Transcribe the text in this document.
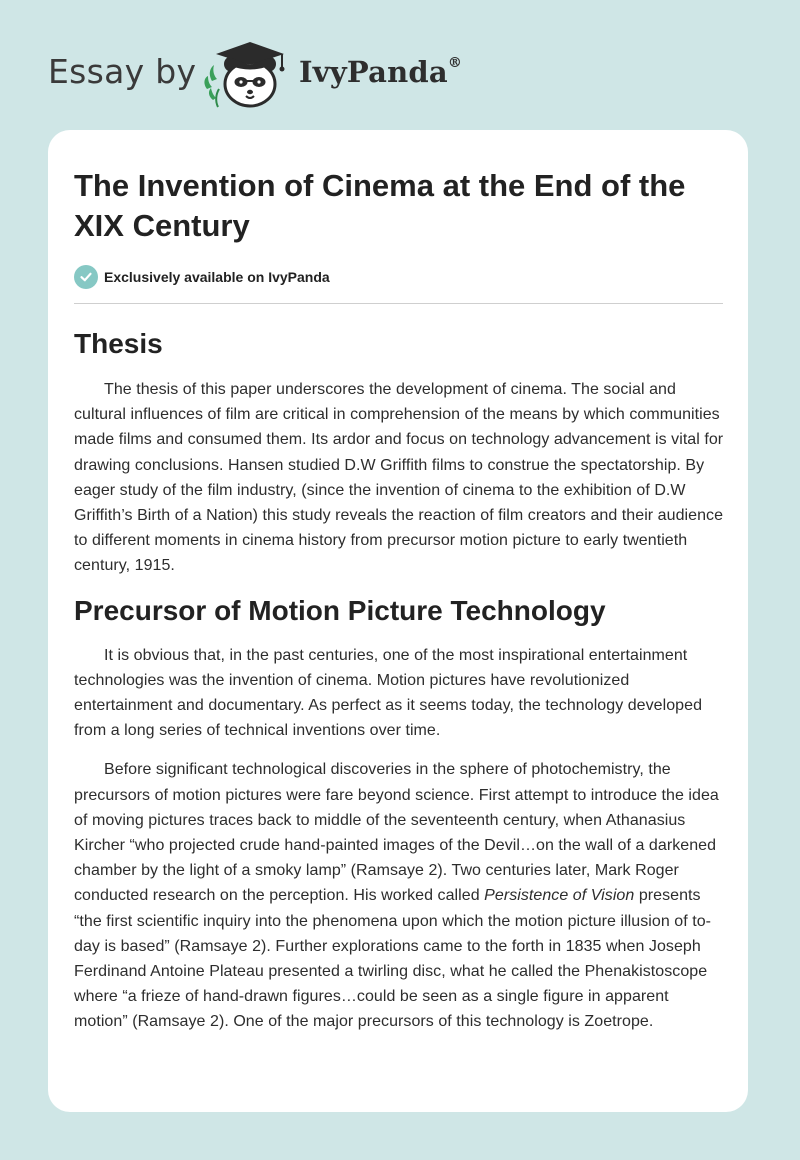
Essay by	IvyPanda®
The Invention of Cinema at the End of the XIX Century
Exclusively available on IvyPanda
Thesis

The thesis of this paper underscores the development of cinema. The social and cultural influences of film are critical in comprehension of the means by which communities made films and consumed them. Its ardor and focus on technology advancement is vital for drawing conclusions. Hansen studied D.W Griffith films to construe the spectatorship. By eager study of the film industry, (since the invention of cinema to the exhibition of D.W Griffith’s Birth of a Nation) this study reveals the reaction of film creators and their audience to different moments in cinema history from precursor motion picture to early twentieth century, 1915.

Precursor of Motion Picture Technology

It is obvious that, in the past centuries, one of the most inspirational entertainment technologies was the invention of cinema. Motion pictures have revolutionized entertainment and documentary. As perfect as it seems today, the technology developed from a long series of technical inventions over time.

Before significant technological discoveries in the sphere of photochemistry, the precursors of motion pictures were fare beyond science. First attempt to introduce the idea of moving pictures traces back to middle of the seventeenth century, when Athanasius Kircher “who projected crude hand-painted images of the Devil…on the wall of a darkened chamber by the light of a smoky lamp” (Ramsaye 2). Two centuries later, Mark Roger conducted research on the perception. His worked called Persistence of Vision presents “the first scientific inquiry into the phenomena upon which the motion picture illusion of to-day is based” (Ramsaye 2). Further explorations came to the forth in 1835 when Joseph Ferdinand Antoine Plateau presented a twirling disc, what he called the Phenakistoscope where “a frieze of hand-drawn figures…could be seen as a single figure in apparent motion” (Ramsaye 2). One of the major precursors of this technology is Zoetrope.
